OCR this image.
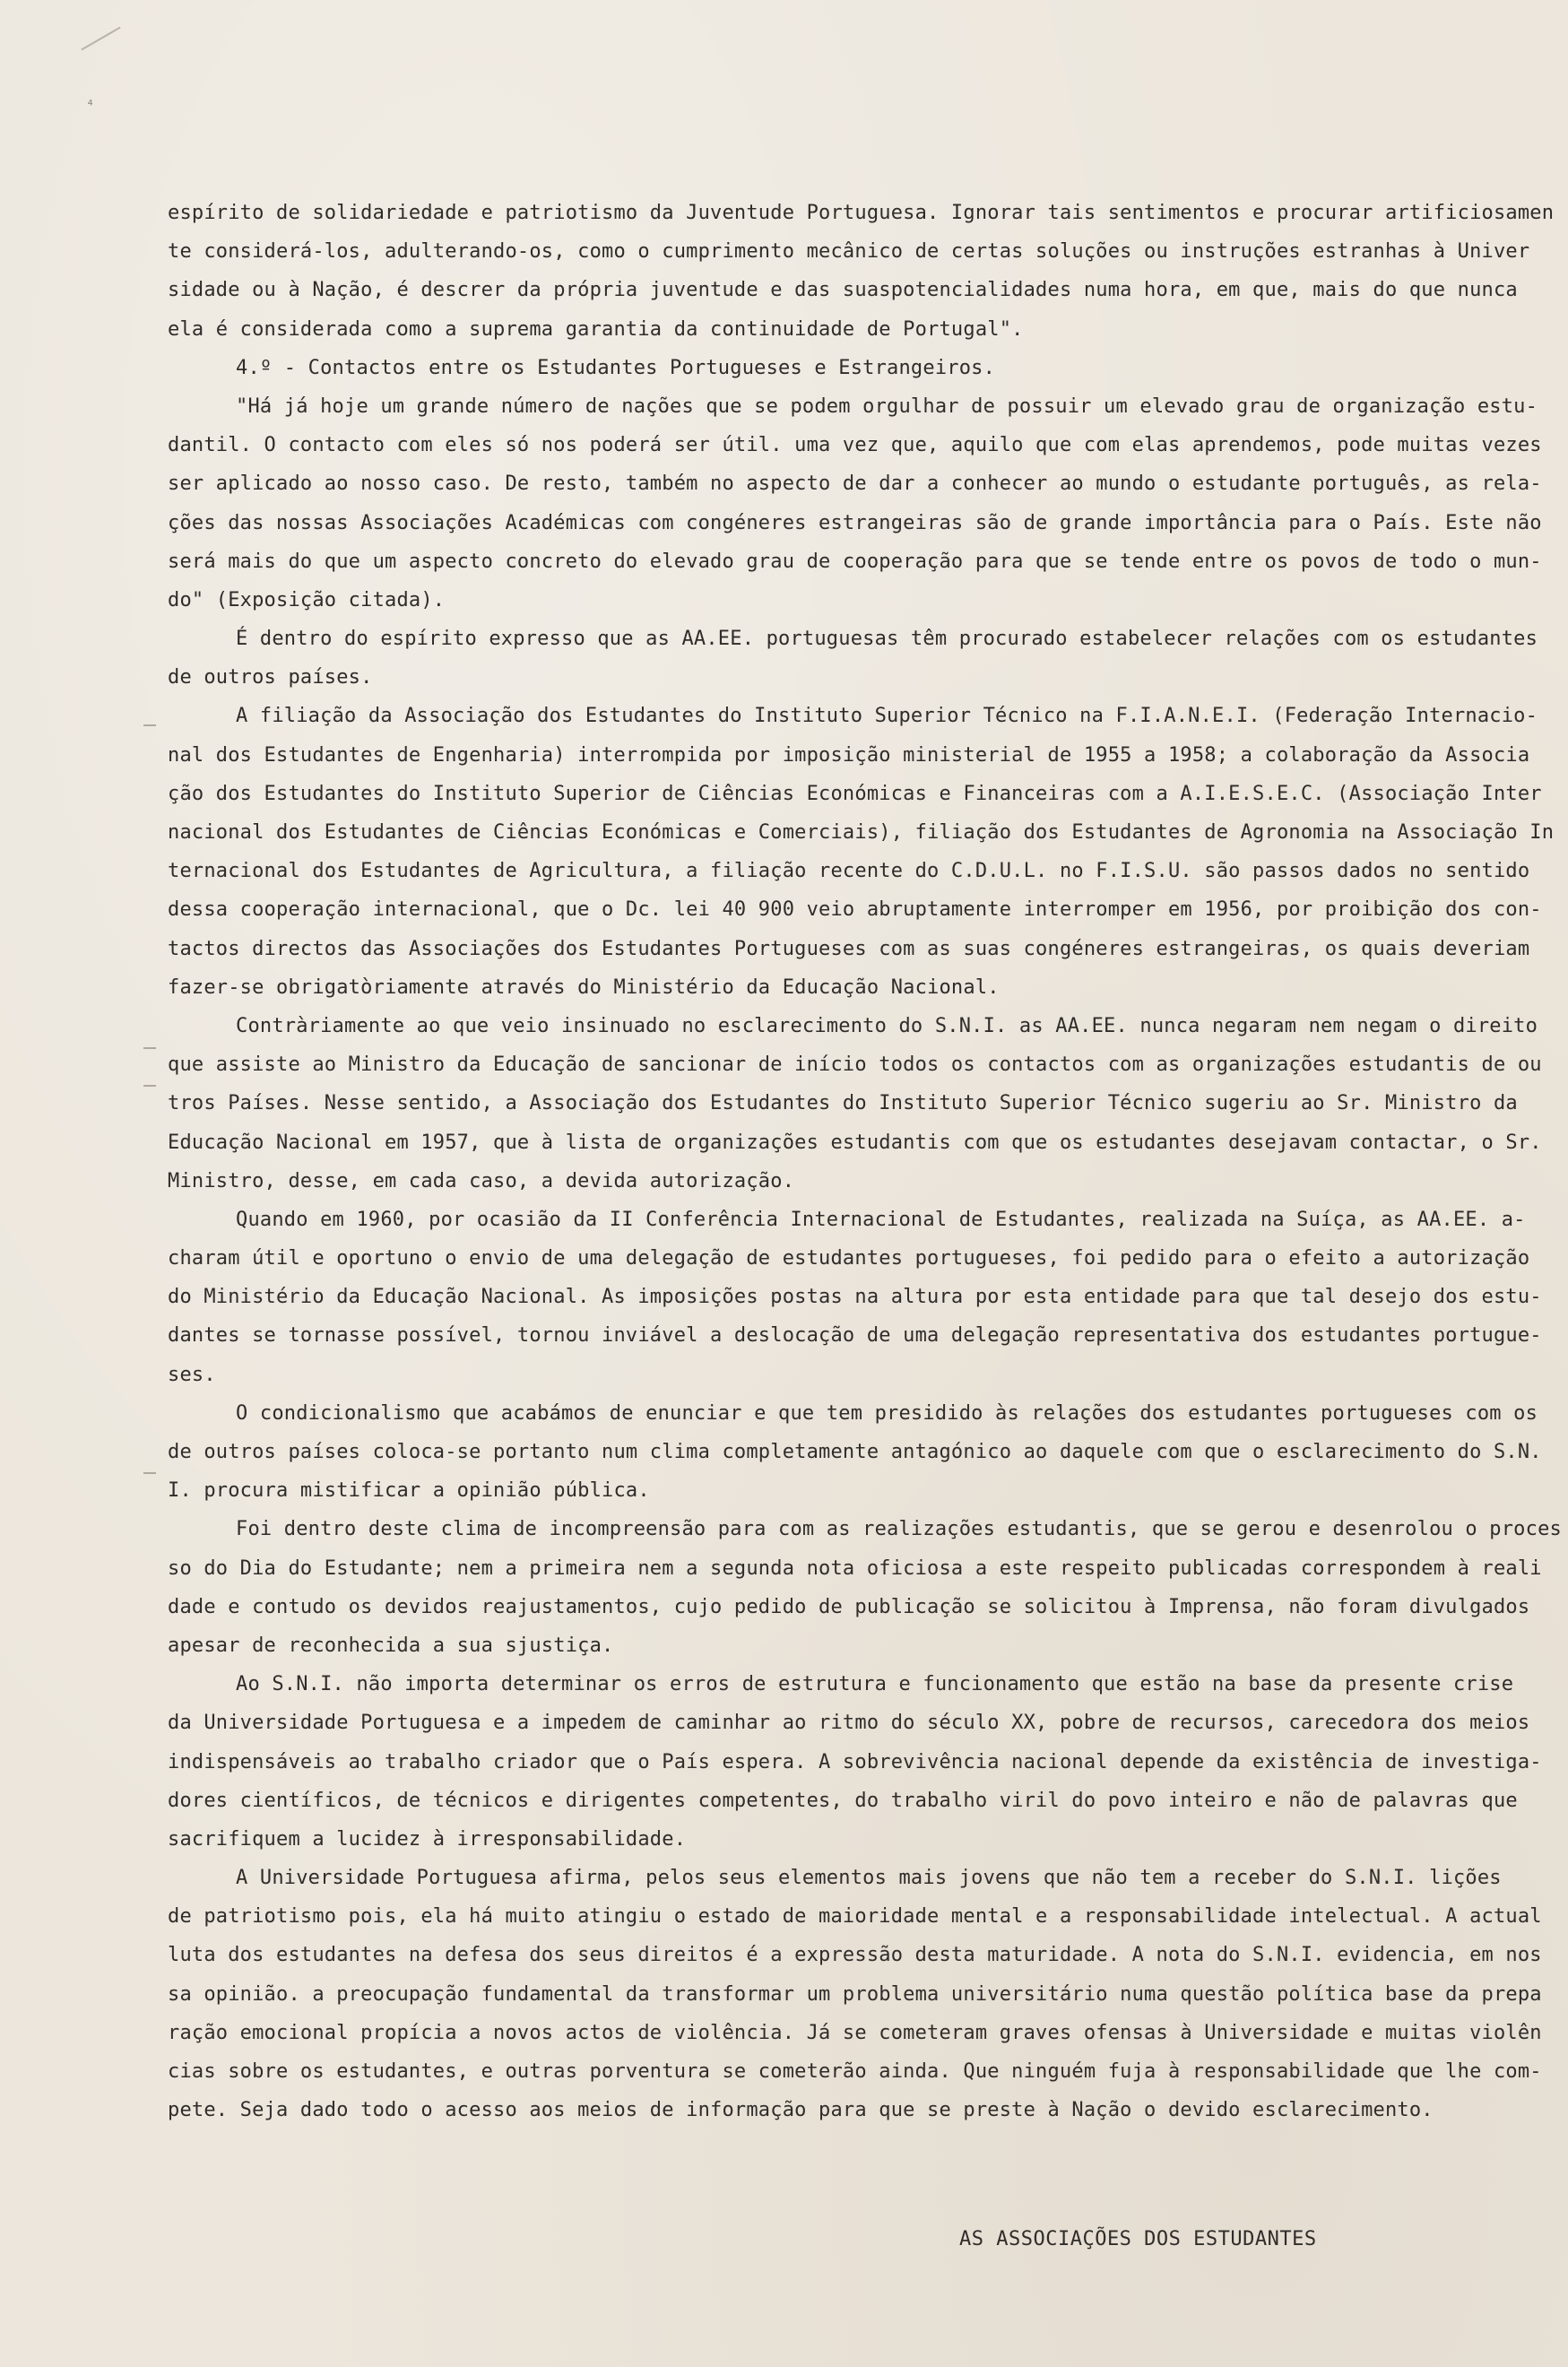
⁴
espírito de solidariedade e patriotismo da Juventude Portuguesa. Ignorar tais sentimentos e procurar artificiosamen
te considerá-los, adulterando-os, como o cumprimento mecânico de certas soluções ou instruções estranhas à Univer
sidade ou à Nação, é descrer da própria juventude e das suaspotencialidades numa hora, em que, mais do que nunca
ela é considerada como a suprema garantia da continuidade de Portugal".
4.º - Contactos entre os Estudantes Portugueses e Estrangeiros.
"Há já hoje um grande número de nações que se podem orgulhar de possuir um elevado grau de organização estu-
dantil. O contacto com eles só nos poderá ser útil. uma vez que, aquilo que com elas aprendemos, pode muitas vezes
ser aplicado ao nosso caso. De resto, também no aspecto de dar a conhecer ao mundo o estudante português, as rela-
ções das nossas Associações Académicas com congéneres estrangeiras são de grande importância para o País. Este não
será mais do que um aspecto concreto do elevado grau de cooperação para que se tende entre os povos de todo o mun-
do" (Exposição citada).
É dentro do espírito expresso que as AA.EE. portuguesas têm procurado estabelecer relações com os estudantes
de outros países.
A filiação da Associação dos Estudantes do Instituto Superior Técnico na F.I.A.N.E.I. (Federação Internacio-
nal dos Estudantes de Engenharia) interrompida por imposição ministerial de 1955 a 1958; a colaboração da Associa
ção dos Estudantes do Instituto Superior de Ciências Económicas e Financeiras com a A.I.E.S.E.C. (Associação Inter
nacional dos Estudantes de Ciências Económicas e Comerciais), filiação dos Estudantes de Agronomia na Associação In
ternacional dos Estudantes de Agricultura, a filiação recente do C.D.U.L. no F.I.S.U. são passos dados no sentido
dessa cooperação internacional, que o Dc. lei 40 900 veio abruptamente interromper em 1956, por proibição dos con-
tactos directos das Associações dos Estudantes Portugueses com as suas congéneres estrangeiras, os quais deveriam
fazer-se obrigatòriamente através do Ministério da Educação Nacional.
Contràriamente ao que veio insinuado no esclarecimento do S.N.I. as AA.EE. nunca negaram nem negam o direito
que assiste ao Ministro da Educação de sancionar de início todos os contactos com as organizações estudantis de ou
tros Países. Nesse sentido, a Associação dos Estudantes do Instituto Superior Técnico sugeriu ao Sr. Ministro da
Educação Nacional em 1957, que à lista de organizações estudantis com que os estudantes desejavam contactar, o Sr.
Ministro, desse, em cada caso, a devida autorização.
Quando em 1960, por ocasião da II Conferência Internacional de Estudantes, realizada na Suíça, as AA.EE. a-
charam útil e oportuno o envio de uma delegação de estudantes portugueses, foi pedido para o efeito a autorização
do Ministério da Educação Nacional. As imposições postas na altura por esta entidade para que tal desejo dos estu-
dantes se tornasse possível, tornou inviável a deslocação de uma delegação representativa dos estudantes portugue-
ses.
O condicionalismo que acabámos de enunciar e que tem presidido às relações dos estudantes portugueses com os
de outros países coloca-se portanto num clima completamente antagónico ao daquele com que o esclarecimento do S.N.
I. procura mistificar a opinião pública.
Foi dentro deste clima de incompreensão para com as realizações estudantis, que se gerou e desenrolou o proces
so do Dia do Estudante; nem a primeira nem a segunda nota oficiosa a este respeito publicadas correspondem à reali
dade e contudo os devidos reajustamentos, cujo pedido de publicação se solicitou à Imprensa, não foram divulgados
apesar de reconhecida a sua sjustiça.
Ao S.N.I. não importa determinar os erros de estrutura e funcionamento que estão na base da presente crise
da Universidade Portuguesa e a impedem de caminhar ao ritmo do século XX, pobre de recursos, carecedora dos meios
indispensáveis ao trabalho criador que o País espera. A sobrevivência nacional depende da existência de investiga-
dores científicos, de técnicos e dirigentes competentes, do trabalho viril do povo inteiro e não de palavras que
sacrifiquem a lucidez à irresponsabilidade.
A Universidade Portuguesa afirma, pelos seus elementos mais jovens que não tem a receber do S.N.I. lições
de patriotismo pois, ela há muito atingiu o estado de maioridade mental e a responsabilidade intelectual. A actual
luta dos estudantes na defesa dos seus direitos é a expressão desta maturidade. A nota do S.N.I. evidencia, em nos
sa opinião. a preocupação fundamental da transformar um problema universitário numa questão política base da prepa
ração emocional propícia a novos actos de violência. Já se cometeram graves ofensas à Universidade e muitas violên
cias sobre os estudantes, e outras porventura se cometerão ainda. Que ninguém fuja à responsabilidade que lhe com-
pete. Seja dado todo o acesso aos meios de informação para que se preste à Nação o devido esclarecimento.
AS ASSOCIAÇÕES DOS ESTUDANTES
